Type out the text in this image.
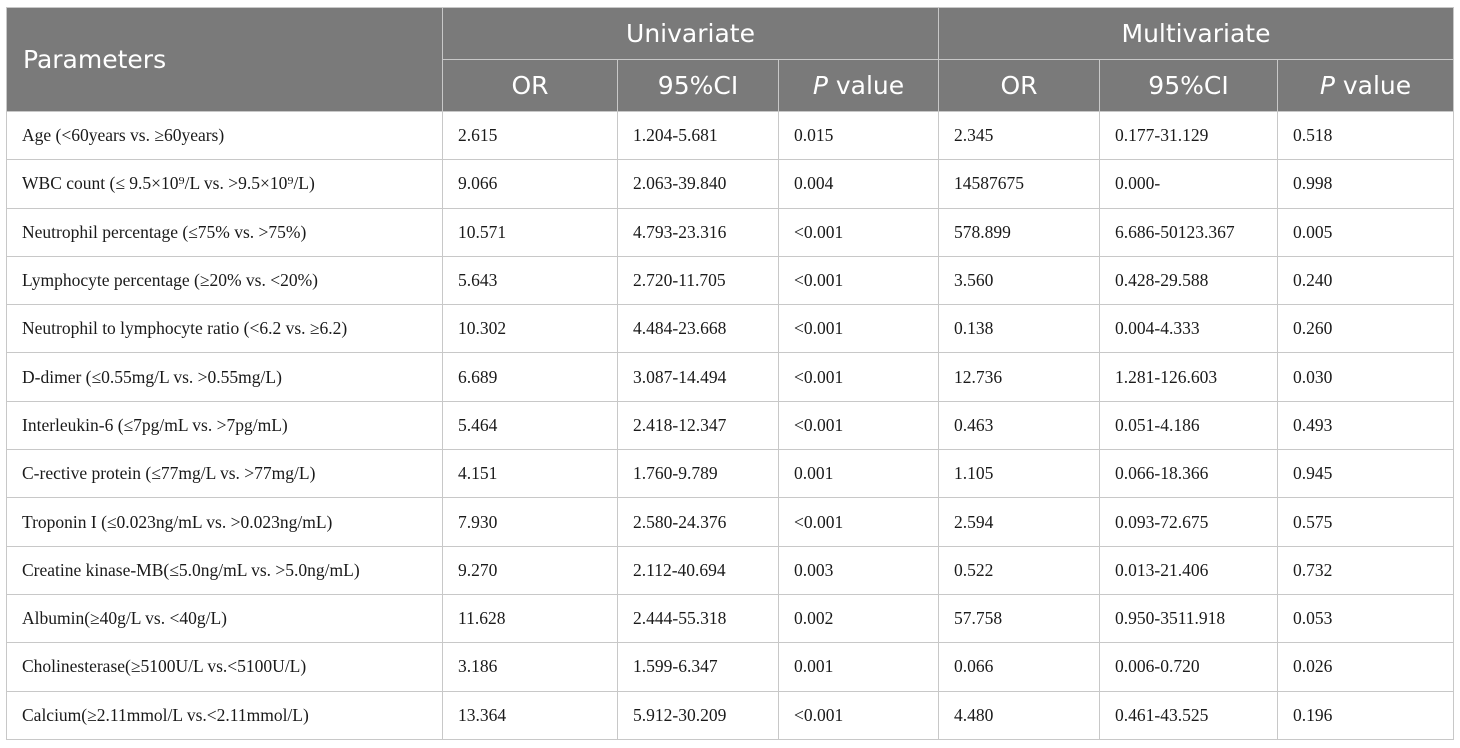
Parameters	Univariate			Multivariate		
	OR	95%CI	P value	OR	95%CI	P value
Age (<60years vs. ≥60years)	2.615	1.204-5.681	0.015	2.345	0.177-31.129	0.518
WBC count (≤ 9.5×10⁹/L vs. >9.5×10⁹/L)	9.066	2.063-39.840	0.004	14587675	0.000-	0.998
Neutrophil percentage (≤75% vs. >75%)	10.571	4.793-23.316	<0.001	578.899	6.686-50123.367	0.005
Lymphocyte percentage (≥20% vs. <20%)	5.643	2.720-11.705	<0.001	3.560	0.428-29.588	0.240
Neutrophil to lymphocyte ratio (<6.2 vs. ≥6.2)	10.302	4.484-23.668	<0.001	0.138	0.004-4.333	0.260
D-dimer (≤0.55mg/L vs. >0.55mg/L)	6.689	3.087-14.494	<0.001	12.736	1.281-126.603	0.030
Interleukin-6 (≤7pg/mL vs. >7pg/mL)	5.464	2.418-12.347	<0.001	0.463	0.051-4.186	0.493
C-rective protein (≤77mg/L vs. >77mg/L)	4.151	1.760-9.789	0.001	1.105	0.066-18.366	0.945
Troponin I (≤0.023ng/mL vs. >0.023ng/mL)	7.930	2.580-24.376	<0.001	2.594	0.093-72.675	0.575
Creatine kinase-MB(≤5.0ng/mL vs. >5.0ng/mL)	9.270	2.112-40.694	0.003	0.522	0.013-21.406	0.732
Albumin(≥40g/L vs. <40g/L)	11.628	2.444-55.318	0.002	57.758	0.950-3511.918	0.053
Cholinesterase(≥5100U/L vs.<5100U/L)	3.186	1.599-6.347	0.001	0.066	0.006-0.720	0.026
Calcium(≥2.11mmol/L vs.<2.11mmol/L)	13.364	5.912-30.209	<0.001	4.480	0.461-43.525	0.196
